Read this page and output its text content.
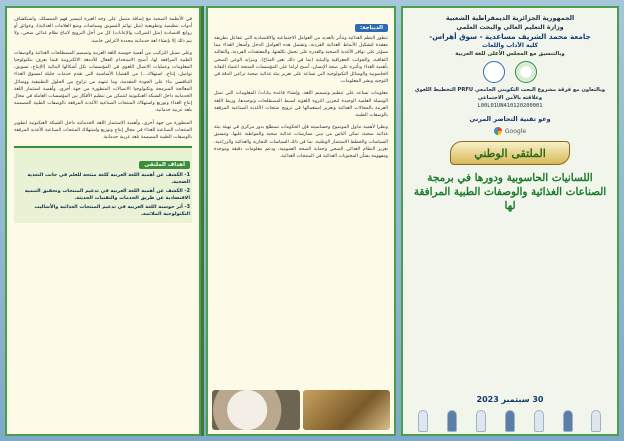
في الأنظمة الصحية مع إضافة منصل على وجه الغيرة لتيسير فهم الممسلك، واستكشاف أدوات تنظيمية وتطويعية (مثل توائم التسويق وسياسات وضع العلامات الغذائية)، وعوائق أو روابع اقتصادية (مثل الضرائب والإعانات) كل من أجل الترويج لاتباع نظام غذائي صحي، ولا يتم ذلك إلا بإنشاء لغة خدماتية محددة لأغراض خاصة.

وعلى سبيل التركيب بين أهمية حوسبة اللغة العربية وتصميم المصطلحات الغذائية والوصفات الطبية المرافقة لها، أصبح الاستخدام الفعال للأدمغة الالكترونية فيما يعرف بتكنولوجيا المعلومات وعمليات الاتصال اللغوي في المؤسسات بكل أشكالها البنائية (الإنتاج، تسويق، تواصل، إنتاج، استهلاك...) من القضايا الأساسية التي تقدم خدمات جليلة لمسوق الغذاء التنافسي بناء على الجودة المقدمة، وما تنتهيه من تزاوج بين الحلول التطبيقية ووسائل المعالجة المبرمجة وتكنولوجيا الاتصالات المتطورة من جهة أخرى، وأهمية استثمار اللغة الخدماتية داخل الشبكة العنكبوتية لتتمكن من تنظيم الأفكار بين المؤسسات العاملة في مجال إنتاج الغذاء وتوزيع واستهلاك المنتجات الصناعية الأغذية المرفقة بالوصفات الطبية المصممة بلغة عربية خدماتية.

المنطورة من جهة أخرى، وأهمية الاستثمار اللغة الخدماتية داخل الشبكة العنكبوتية لتطوير المنتجات الصناعية للغذاء في مجال إنتاج وتوزيع واستهلاك المنتجات الصناعية الأغذية المرفقة بالوصفات الطبية المصممة بلغة عربية خدماتية.

أهداف الملتقى

1- الكشف عن أهمية اللغة العربية كلغة منتجة للعلم في جانب التغذية الصحية.

2- الكشف عن أهمية اللغة العربية في تدعيم المنتجات وتحقيق التنمية الاقتصادية عن طريق الخدمات والتقنيات الحديثة.

3- أثر حوسبة اللغة العربية في تدعيم المنتجات الغذائية والأساليب التكنولوجية الملائمة.

الديباجة:

تتطور النظم الغذائية وتتأثر بالعديد من العوامل الاجتماعية والاقتصادية التي تتفاعل بطريقة معقدة لتشكيل الأنماط الغذائية الفردية، وتشمل هذه العوامل الدخل وأسعار الغذاء مما سيؤثر على توافر الأغذية الصحية والقدرة على تحمل تكلفتها، والمعتقدات الفردية، والتقاليد الثقافية، والجوانب الجغرافية والبيئية (بما في ذلك تغير المناخ). وبتزايد الوعي الصحي بأهمية الغذاء وتأثيره على صحة الإنسان، أصبح لزاما على المؤسسات المنتجة اعتماد التقانة الحاسوبية والوسائل التكنولوجية التي تساعد على تعزيز بيئة غذائية صحية تراعي الدقة في التوجيه ونشر المعلومات.

معلومات تساعد على تنظيم وتصميم اللغة، وإنشاء قاعدة بيانات/ المعلومات التي تمثل الوسيلة العلمية الوحيدة لتخزين الثروة اللغوية لضبط المصطلحات وتوحيدها، وربط اللغة العربية بالمجالات الغذائية وتعزيز استعمالها في ترويج منتجات الأغذية الصناعية المرفقة بالوصفات الطبية.

ونظرا لأهمية تداول الموضوع وحساسيته فإن الحكومات تضطلع بدور مركزي في تهيئة بيئة غذائية صحية، تمكن الناس من تبني ممارسات غذائية صحية والمواطنة عليها، وتنسيق السياسات والخطط الاستثمار الوطنية، بما في ذلك السياسات التجارية والغذائية والزراعية، تعزيز النظام الغذائي الصحي وحماية الصحة العمومية، ودعم معلومات دقيقة وموحدة ومفهومة بشأن المحتويات الغذائية في المنتجات الغذائية.

الجمهورية الجزائرية الديمقراطية الشعبية

وزارة التعليم العالي والبحث العلمي

جامعة محمد الشريف مساعدية - سوق أهراس-

كلية الآداب واللغات

وبالتنسيق مع المجلس الأعلى للغة العربية

وبالتعاون مع فرقة مشروع البحث التكويني الجامعي PRFU التخطيط اللغوي وعلاقته بالأمن الاجتماعي

L00L01UN410120200001

وعو تقنية التحاضر المرني
Google
الملتقى الوطني

اللسانيات الحاسوبية ودورها في برمجة الصناعات الغذائية والوصفات الطبية المرافقة لها

30 سبتمبر 2023
